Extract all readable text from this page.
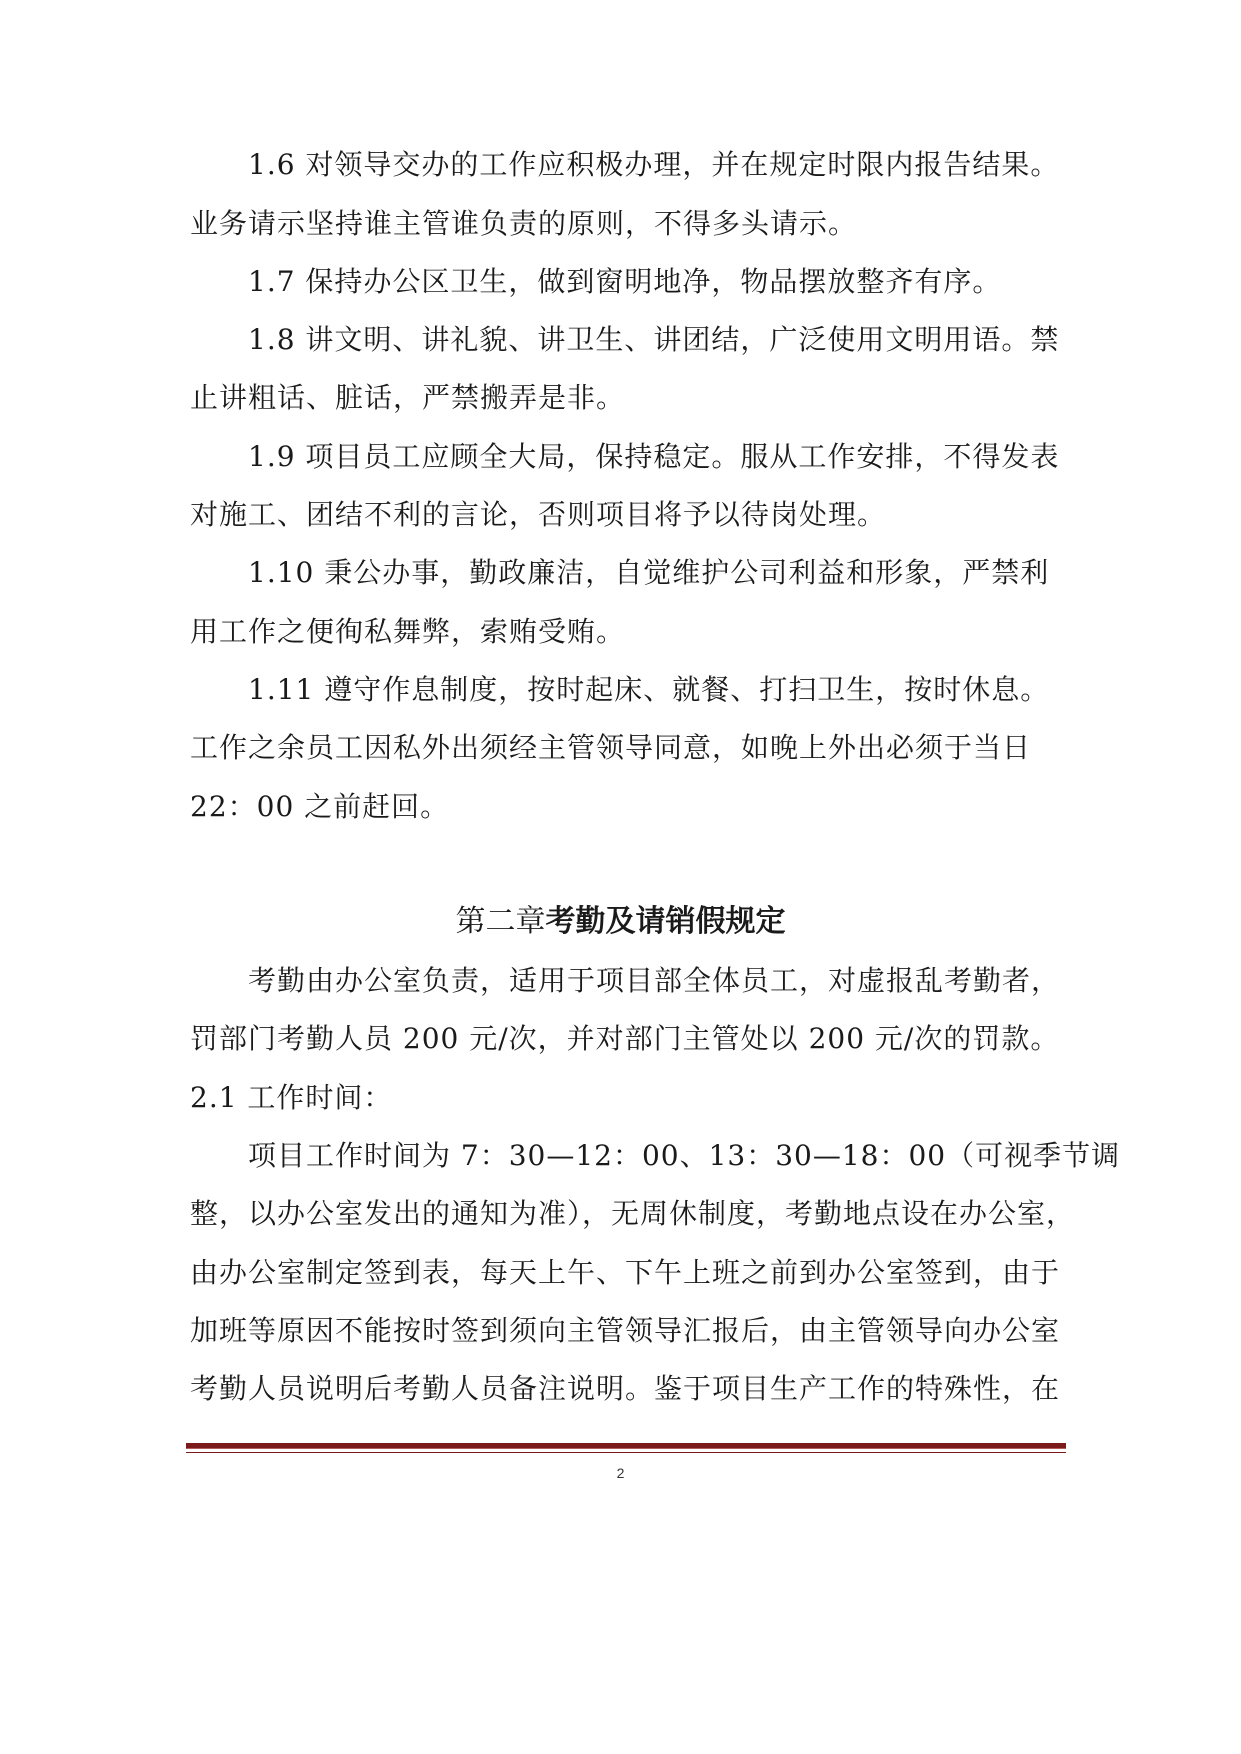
1.6 对领导交办的工作应积极办理，并在规定时限内报告结果。
业务请示坚持谁主管谁负责的原则，不得多头请示。
1.7 保持办公区卫生，做到窗明地净，物品摆放整齐有序。
1.8 讲文明、讲礼貌、讲卫生、讲团结，广泛使用文明用语。禁
止讲粗话、脏话，严禁搬弄是非。
1.9 项目员工应顾全大局，保持稳定。服从工作安排，不得发表
对施工、团结不利的言论，否则项目将予以待岗处理。
1.10 秉公办事，勤政廉洁，自觉维护公司利益和形象，严禁利
用工作之便徇私舞弊，索贿受贿。
1.11 遵守作息制度，按时起床、就餐、打扫卫生，按时休息。
工作之余员工因私外出须经主管领导同意，如晚上外出必须于当日
22：00 之前赶回。
第二章考勤及请销假规定
考勤由办公室负责，适用于项目部全体员工，对虚报乱考勤者，
罚部门考勤人员 200 元/次，并对部门主管处以 200 元/次的罚款。
2.1 工作时间：
项目工作时间为 7：30—12：00、13：30—18：00（可视季节调
整，以办公室发出的通知为准），无周休制度，考勤地点设在办公室，
由办公室制定签到表，每天上午、下午上班之前到办公室签到，由于
加班等原因不能按时签到须向主管领导汇报后，由主管领导向办公室
考勤人员说明后考勤人员备注说明。鉴于项目生产工作的特殊性，在
2
